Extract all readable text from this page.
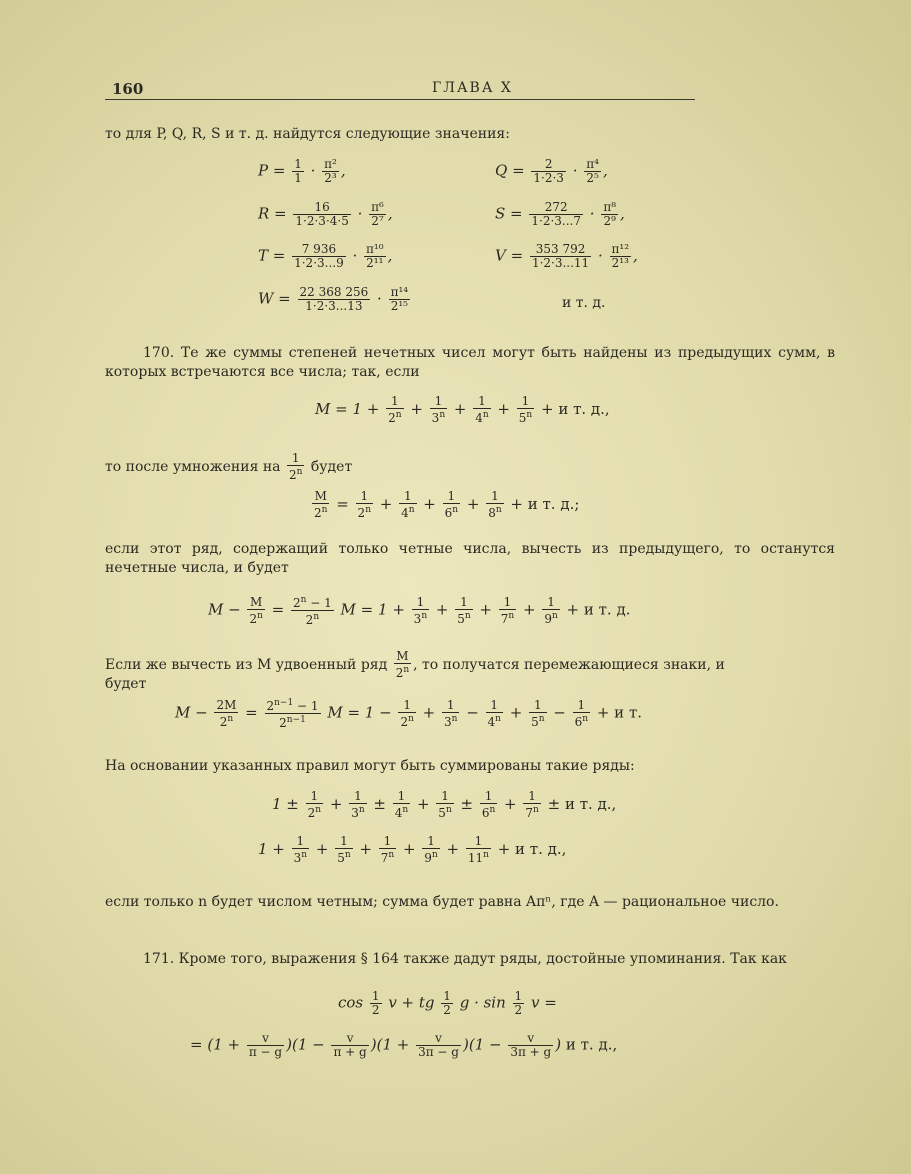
160	ГЛАВА X
то для P, Q, R, S и т. д. найдутся следующие значения:
$P = \frac{1}{1} \cdot \frac{\text{π²}}{\text{2³}}$ ,	$Q = \frac{2}{1\cdot 2\cdot 3} \cdot \frac{\text{π⁴}}{\text{2⁵}}$ ,
$R = \frac{16}{1\cdot 2\cdot 3\cdot 4\cdot 5} \cdot \frac{\text{π⁶}}{\text{2⁷}}$ ,	$S = \frac{272}{1\cdot 2\cdot 3...7} \cdot \frac{\text{π⁸}}{\text{2⁹}}$ ,
$T = \frac{7 936}{1\cdot 2\cdot 3...9} \cdot \frac{\text{π¹⁰}}{\text{2¹¹}}$ ,	$V = \frac{353 792}{1\cdot 2\cdot 3...11} \cdot \frac{\text{π¹²}}{\text{2¹³}}$ ,
$W = \frac{22 368 256}{1\cdot 2\cdot 3...13} \cdot \frac{\text{π¹⁴}}{\text{2¹⁵}}$	и т. д.
170. Те же суммы степеней нечетных чисел могут быть найдены из предыдущих сумм, в которых встречаются все числа; так, если
$M = 1 + \frac{1}{2^n} + \frac{1}{3^n} + \frac{1}{4^n} + \frac{1}{5^n} + и$ т. д.,
то после умножения на $\frac{1}{2^n}$ будет
$\frac{M}{2^n} = \frac{1}{2^n} + \frac{1}{4^n} + \frac{1}{6^n} + \frac{1}{8^n} + и$ т. д.;
если этот ряд, содержащий только четные числа, вычесть из предыдущего, то останутся нечетные числа, и будет
$M - \frac{M}{2^n} = \frac{2^n - 1}{2^n}$ $M = 1 + \frac{1}{3^n} + \frac{1}{5^n} + \frac{1}{7^n} + \frac{1}{9^n} + и$ т. д.
Если же вычесть из M удвоенный ряд $\frac{M}{2^n}$ , то получатся перемежающиеся знаки, и
будет
$M - \frac{2M}{2^n} = \frac{2^{n-1} - 1}{2^{n-1}}$ $M = 1 - \frac{1}{2^n} + \frac{1}{3^n} - \frac{1}{4^n} + \frac{1}{5^n} - \frac{1}{6^n} + и$ т.
На основании указанных правил могут быть суммированы такие ряды:
$1 \pm \frac{1}{2^n} + \frac{1}{3^n} \pm \frac{1}{4^n} + \frac{1}{5^n} \pm \frac{1}{6^n} + \frac{1}{7^n} \pm и$ т. д.,
$1 + \frac{1}{3^n} + \frac{1}{5^n} + \frac{1}{7^n} + \frac{1}{9^n} + \frac{1}{11^n} + и$ т. д.,
если только n будет числом четным; сумма будет равна Aπⁿ, где A — рациональное число.
171. Кроме того, выражения § 164 также дадут ряды, достойные упоминания. Так как
$\cos \frac{1}{2}$ v + tg $\frac{1}{2}$ $g \cdot \sin \frac{1}{2}$ v =
= $(1 + \frac{v}{\pi - g} )(1 - \frac{v}{\pi + g} )(1 + \frac{v}{3\pi - g} )(1 - \frac{v}{3\pi + g}$ ) и т. д.,
